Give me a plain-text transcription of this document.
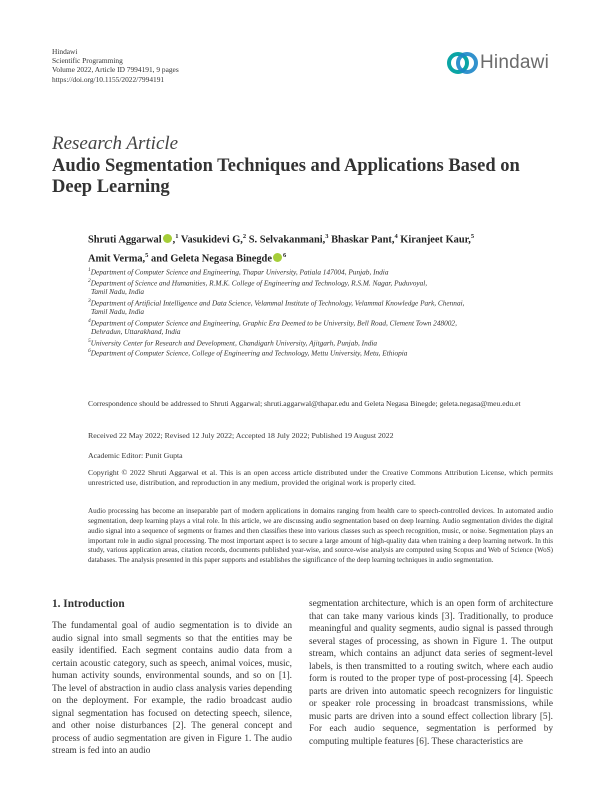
Hindawi
Scientific Programming
Volume 2022, Article ID 7994191, 9 pages
https://doi.org/10.1155/2022/7994191
Hindawi
Research Article
Audio Segmentation Techniques and Applications Based on Deep Learning
Shruti Aggarwal ,$^1$ Vasukidevi G,$^2$ S. Selvakanmani,$^3$ Bhaskar Pant,$^4$ Kiranjeet Kaur,$^5$
Amit Verma,$^5$ and Geleta Negasa Binegde $^6$
$^1$Department of Computer Science and Engineering, Thapar University, Patiala 147004, Punjab, India
$^2$Department of Science and Humanities, R.M.K. College of Engineering and Technology, R.S.M. Nagar, Puduvoyal,
Tamil Nadu, India
$^3$Department of Artificial Intelligence and Data Science, Velammal Institute of Technology, Velammal Knowledge Park, Chennai,
Tamil Nadu, India
$^4$Department of Computer Science and Engineering, Graphic Era Deemed to be University, Bell Road, Clement Town 248002,
Dehradun, Uttarakhand, India
$^5$University Center for Research and Development, Chandigarh University, Ajitgarh, Punjab, India
$^6$Department of Computer Science, College of Engineering and Technology, Mettu University, Metu, Ethiopia
Correspondence should be addressed to Shruti Aggarwal; shruti.aggarwal@thapar.edu and Geleta Negasa Binegde; geleta.negasa@meu.edu.et
Received 22 May 2022; Revised 12 July 2022; Accepted 18 July 2022; Published 19 August 2022
Academic Editor: Punit Gupta
Copyright © 2022 Shruti Aggarwal et al. This is an open access article distributed under the Creative Commons Attribution License, which permits unrestricted use, distribution, and reproduction in any medium, provided the original work is properly cited.
Audio processing has become an inseparable part of modern applications in domains ranging from health care to speech-controlled devices. In automated audio segmentation, deep learning plays a vital role. In this article, we are discussing audio segmentation based on deep learning. Audio segmentation divides the digital audio signal into a sequence of segments or frames and then classifies these into various classes such as speech recognition, music, or noise. Segmentation plays an important role in audio signal processing. The most important aspect is to secure a large amount of high-quality data when training a deep learning network. In this study, various application areas, citation records, documents published year-wise, and source-wise analysis are computed using Scopus and Web of Science (WoS) databases. The analysis presented in this paper supports and establishes the significance of the deep learning techniques in audio segmentation.
1. Introduction
The fundamental goal of audio segmentation is to divide an audio signal into small segments so that the entities may be easily identified. Each segment contains audio data from a certain acoustic category, such as speech, animal voices, music, human activity sounds, environmental sounds, and so on [1]. The level of abstraction in audio class analysis varies depending on the deployment. For example, the radio broadcast audio signal segmentation has focused on detecting speech, silence, and other noise disturbances [2]. The general concept and process of audio segmentation are given in Figure 1. The audio stream is fed into an audio
segmentation architecture, which is an open form of architecture that can take many various kinds [3]. Traditionally, to produce meaningful and quality segments, audio signal is passed through several stages of processing, as shown in Figure 1. The output stream, which contains an adjunct data series of segment-level labels, is then transmitted to a routing switch, where each audio form is routed to the proper type of post-processing [4]. Speech parts are driven into automatic speech recognizers for linguistic or speaker role processing in broadcast transmissions, while music parts are driven into a sound effect collection library [5]. For each audio sequence, segmentation is performed by computing multiple features [6]. These characteristics are
